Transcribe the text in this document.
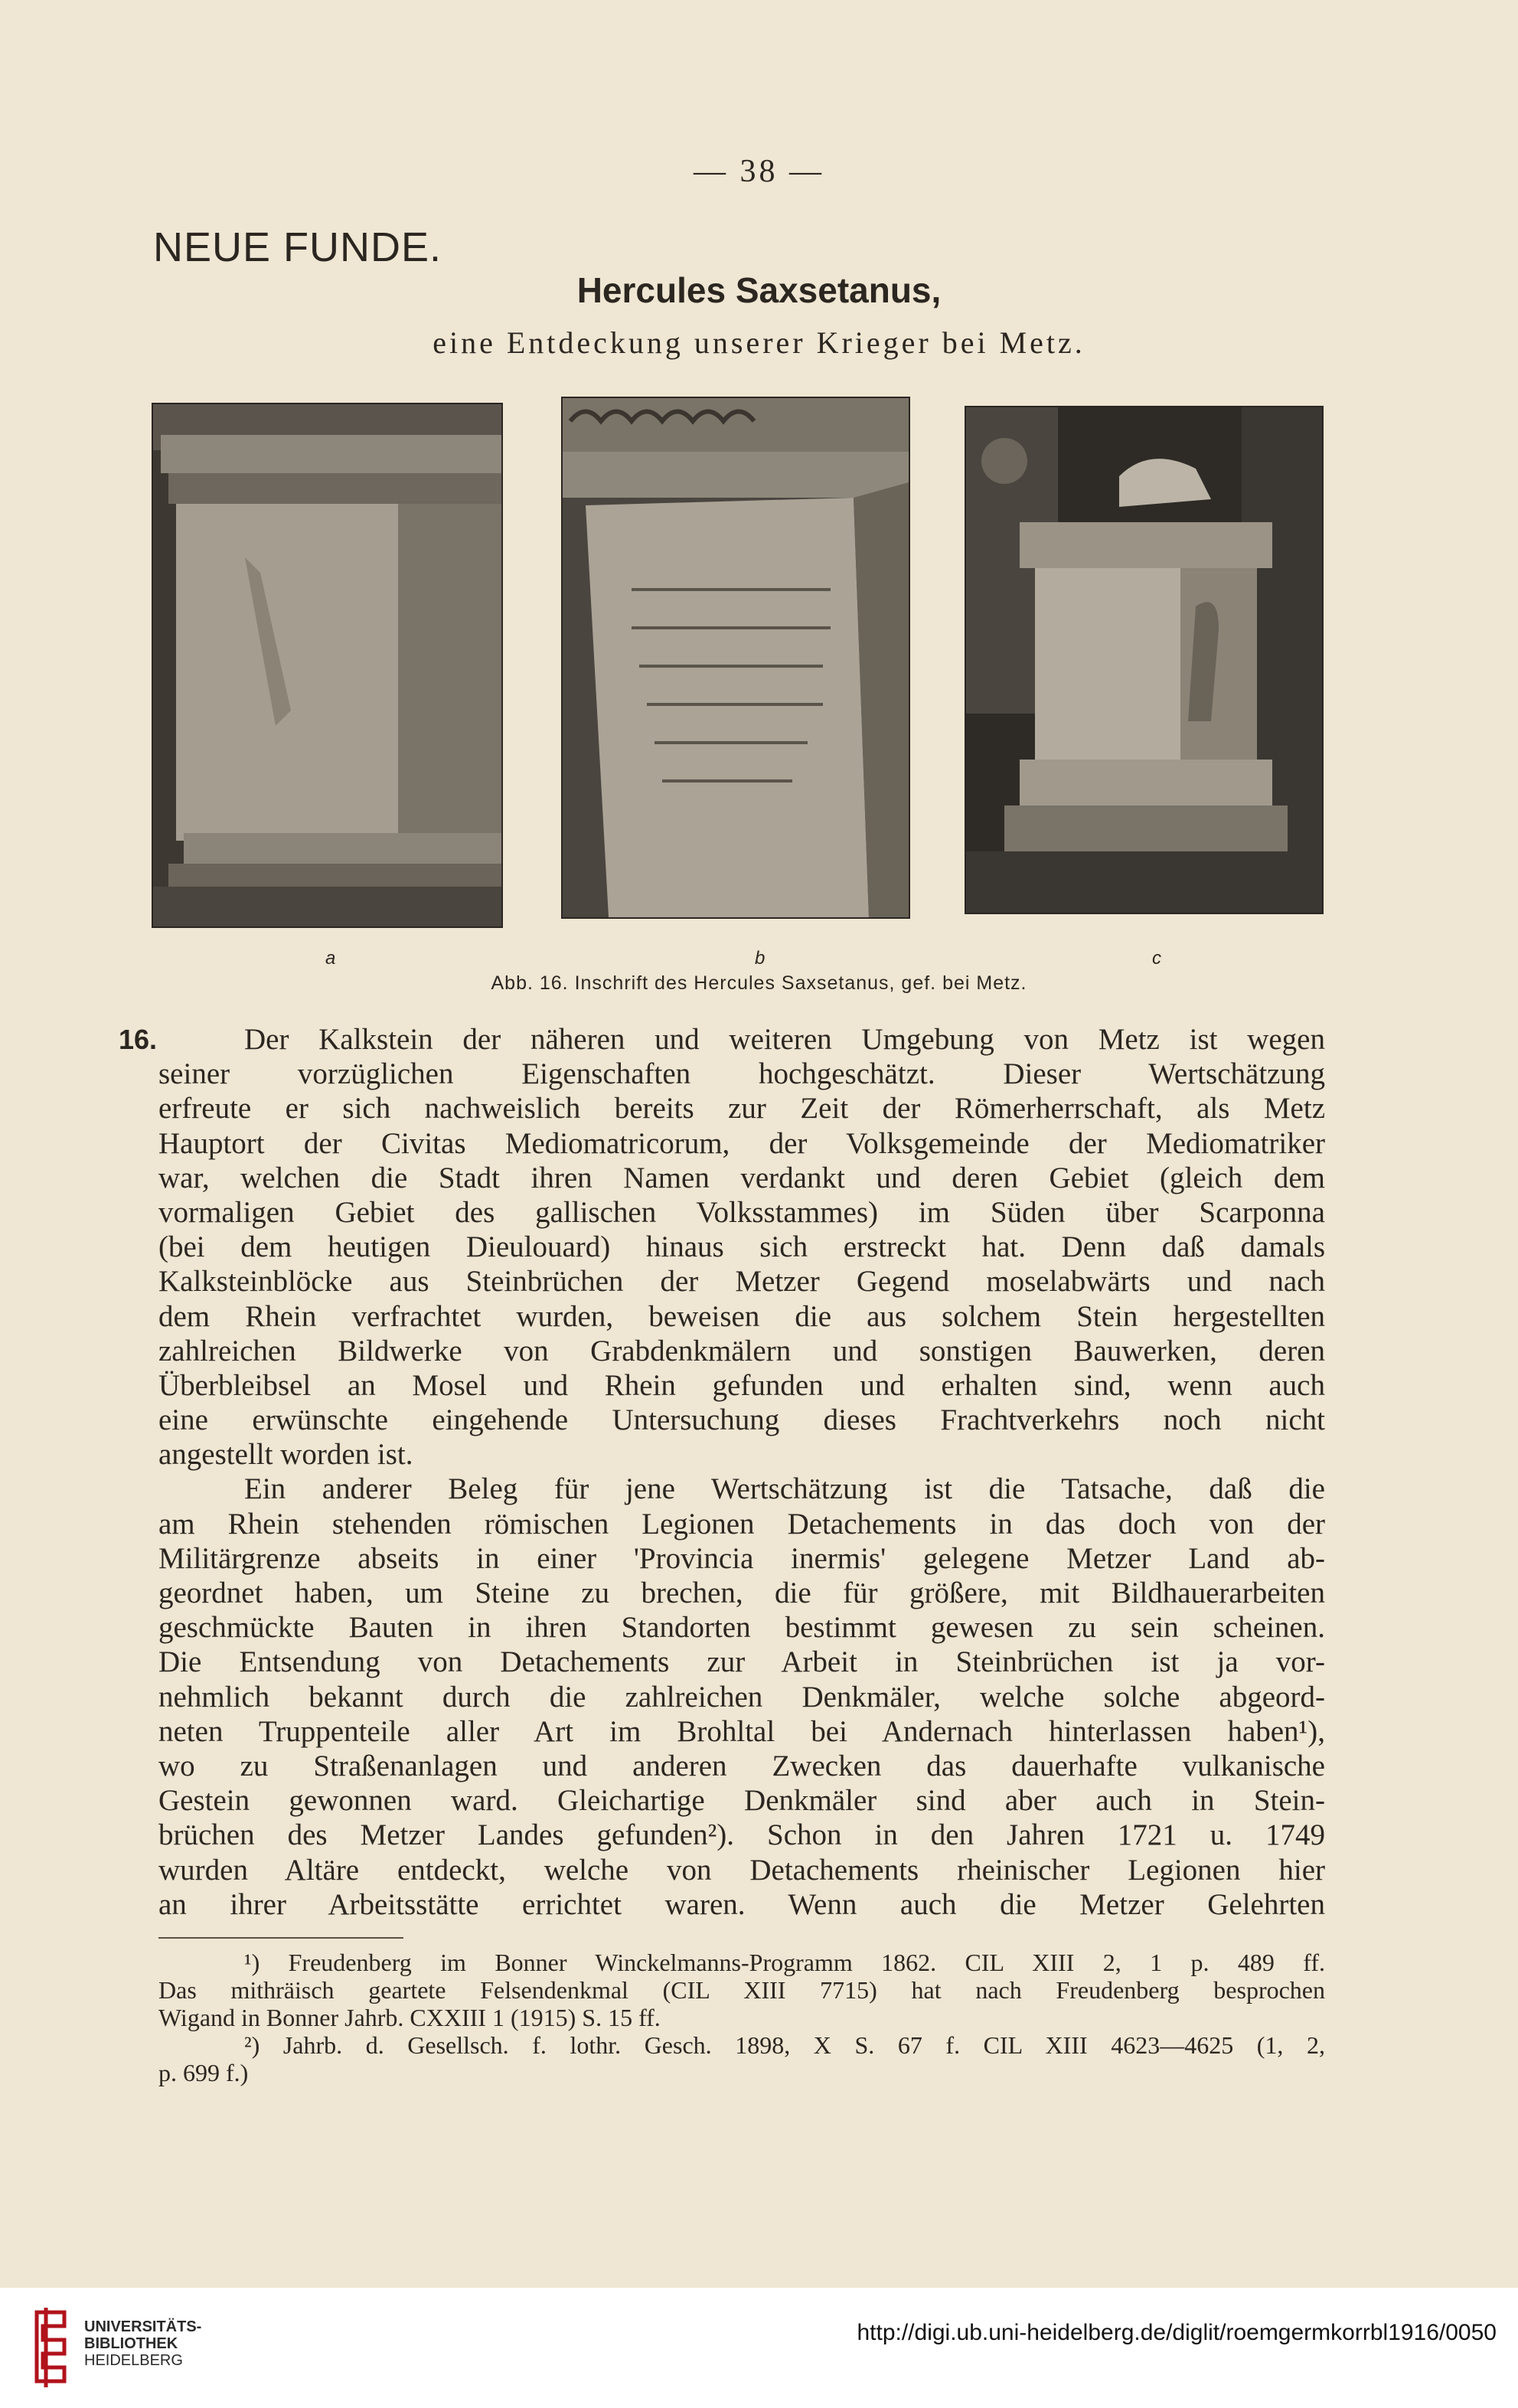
— 38 —
NEUE FUNDE.
Hercules Saxsetanus,
eine Entdeckung unserer Krieger bei Metz.
a	b	c
Abb. 16. Inschrift des Hercules Saxsetanus, gef. bei Metz.
16.	Der Kalkstein der näheren und weiteren Umgebung von Metz ist wegen
seiner vorzüglichen Eigenschaften hochgeschätzt. Dieser Wertschätzung
erfreute er sich nachweislich bereits zur Zeit der Römerherrschaft, als Metz
Hauptort der Civitas Mediomatricorum, der Volksgemeinde der Mediomatriker
war, welchen die Stadt ihren Namen verdankt und deren Gebiet (gleich dem
vormaligen Gebiet des gallischen Volksstammes) im Süden über Scarponna
(bei dem heutigen Dieulouard) hinaus sich erstreckt hat. Denn daß damals
Kalksteinblöcke aus Steinbrüchen der Metzer Gegend moselabwärts und nach
dem Rhein verfrachtet wurden, beweisen die aus solchem Stein hergestellten
zahlreichen Bildwerke von Grabdenkmälern und sonstigen Bauwerken, deren
Überbleibsel an Mosel und Rhein gefunden und erhalten sind, wenn auch
eine erwünschte eingehende Untersuchung dieses Frachtverkehrs noch nicht
angestellt worden ist.
Ein anderer Beleg für jene Wertschätzung ist die Tatsache, daß die
am Rhein stehenden römischen Legionen Detachements in das doch von der
Militärgrenze abseits in einer 'Provincia inermis' gelegene Metzer Land ab-
geordnet haben, um Steine zu brechen, die für größere, mit Bildhauerarbeiten
geschmückte Bauten in ihren Standorten bestimmt gewesen zu sein scheinen.
Die Entsendung von Detachements zur Arbeit in Steinbrüchen ist ja vor-
nehmlich bekannt durch die zahlreichen Denkmäler, welche solche abgeord-
neten Truppenteile aller Art im Brohltal bei Andernach hinterlassen haben¹),
wo zu Straßenanlagen und anderen Zwecken das dauerhafte vulkanische
Gestein gewonnen ward. Gleichartige Denkmäler sind aber auch in Stein-
brüchen des Metzer Landes gefunden²). Schon in den Jahren 1721 u. 1749
wurden Altäre entdeckt, welche von Detachements rheinischer Legionen hier
an ihrer Arbeitsstätte errichtet waren. Wenn auch die Metzer Gelehrten
¹) Freudenberg im Bonner Winckelmanns-Programm 1862. CIL XIII 2, 1 p. 489 ff.
Das mithräisch geartete Felsendenkmal (CIL XIII 7715) hat nach Freudenberg besprochen
Wigand in Bonner Jahrb. CXXIII 1 (1915) S. 15 ff.
²) Jahrb. d. Gesellsch. f. lothr. Gesch. 1898, X S. 67 f. CIL XIII 4623—4625 (1, 2,
p. 699 f.)
UNIVERSITÄTS-
BIBLIOTHEK
HEIDELBERG
http://digi.ub.uni-heidelberg.de/diglit/roemgermkorrbl1916/0050
